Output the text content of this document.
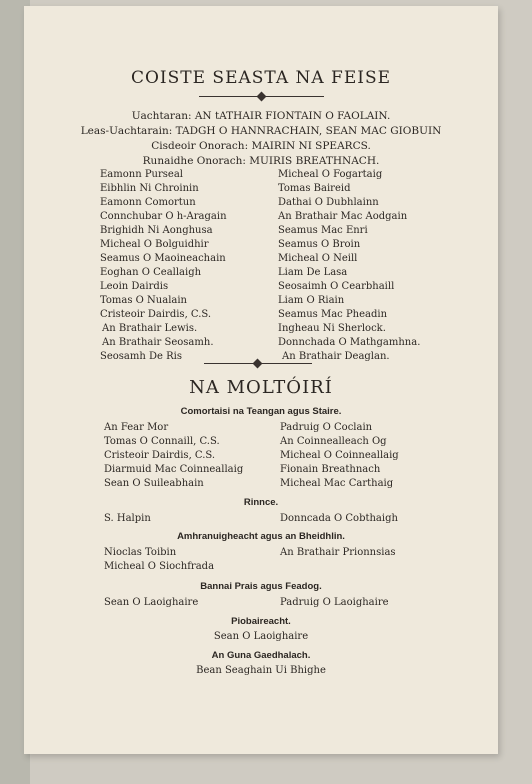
COISTE SEASTA NA FEISE
Uachtaran: AN tATHAIR FIONTAIN O FAOLAIN.
Leas-Uachtarain: TADGH O HANNRACHAIN, SEAN MAC GIOBUIN
Cisdeoir Onorach: MAIRIN NI SPEARCS.
Runaidhe Onorach: MUIRIS BREATHNACH.
Eamonn Purseal
Eibhlin Ni Chroinin
Eamonn Comortun
Connchubar O h-Aragain
Brighidh Ni Aonghusa
Micheal O Bolguidhir
Seamus O Maoineachain
Eoghan O Ceallaigh
Leoin Dairdis
Tomas O Nualain
Cristeoir Dairdis, C.S.
An Brathair Lewis.
An Brathair Seosamh.
Seosamh De Ris
Micheal O Fogartaig
Tomas Baireid
Dathai O Dubhlainn
An Brathair Mac Aodgain
Seamus Mac Enri
Seamus O Broin
Micheal O Neill
Liam De Lasa
Seosaimh O Cearbhaill
Liam O Riain
Seamus Mac Pheadin
Ingheau Ni Sherlock.
Donnchada O Mathgamhna.
An Brathair Deaglan.
NA MOLTÓIRÍ
Comortaisi na Teangan agus Staire.
An Fear Mor
Tomas O Connaill, C.S.
Cristeoir Dairdis, C.S.
Diarmuid Mac Coinneallaig
Sean O Suileabhain
Padruig O Coclain
An Coinnealleach Og
Micheal O Coinneallaig
Fionain Breathnach
Micheal Mac Carthaig
Rinnce.
S. Halpin	Donncada O Cobthaigh
Amhranuigheacht agus an Bheidhlin.
Nioclas Toibin
Micheal O Siochfrada
An Brathair Prionnsias
Bannai Prais agus Feadog.
Sean O Laoighaire	Padruig O Laoighaire
Piobaireacht.
Sean O Laoighaire
An Guna Gaedhalach.
Bean Seaghain Ui Bhighe
